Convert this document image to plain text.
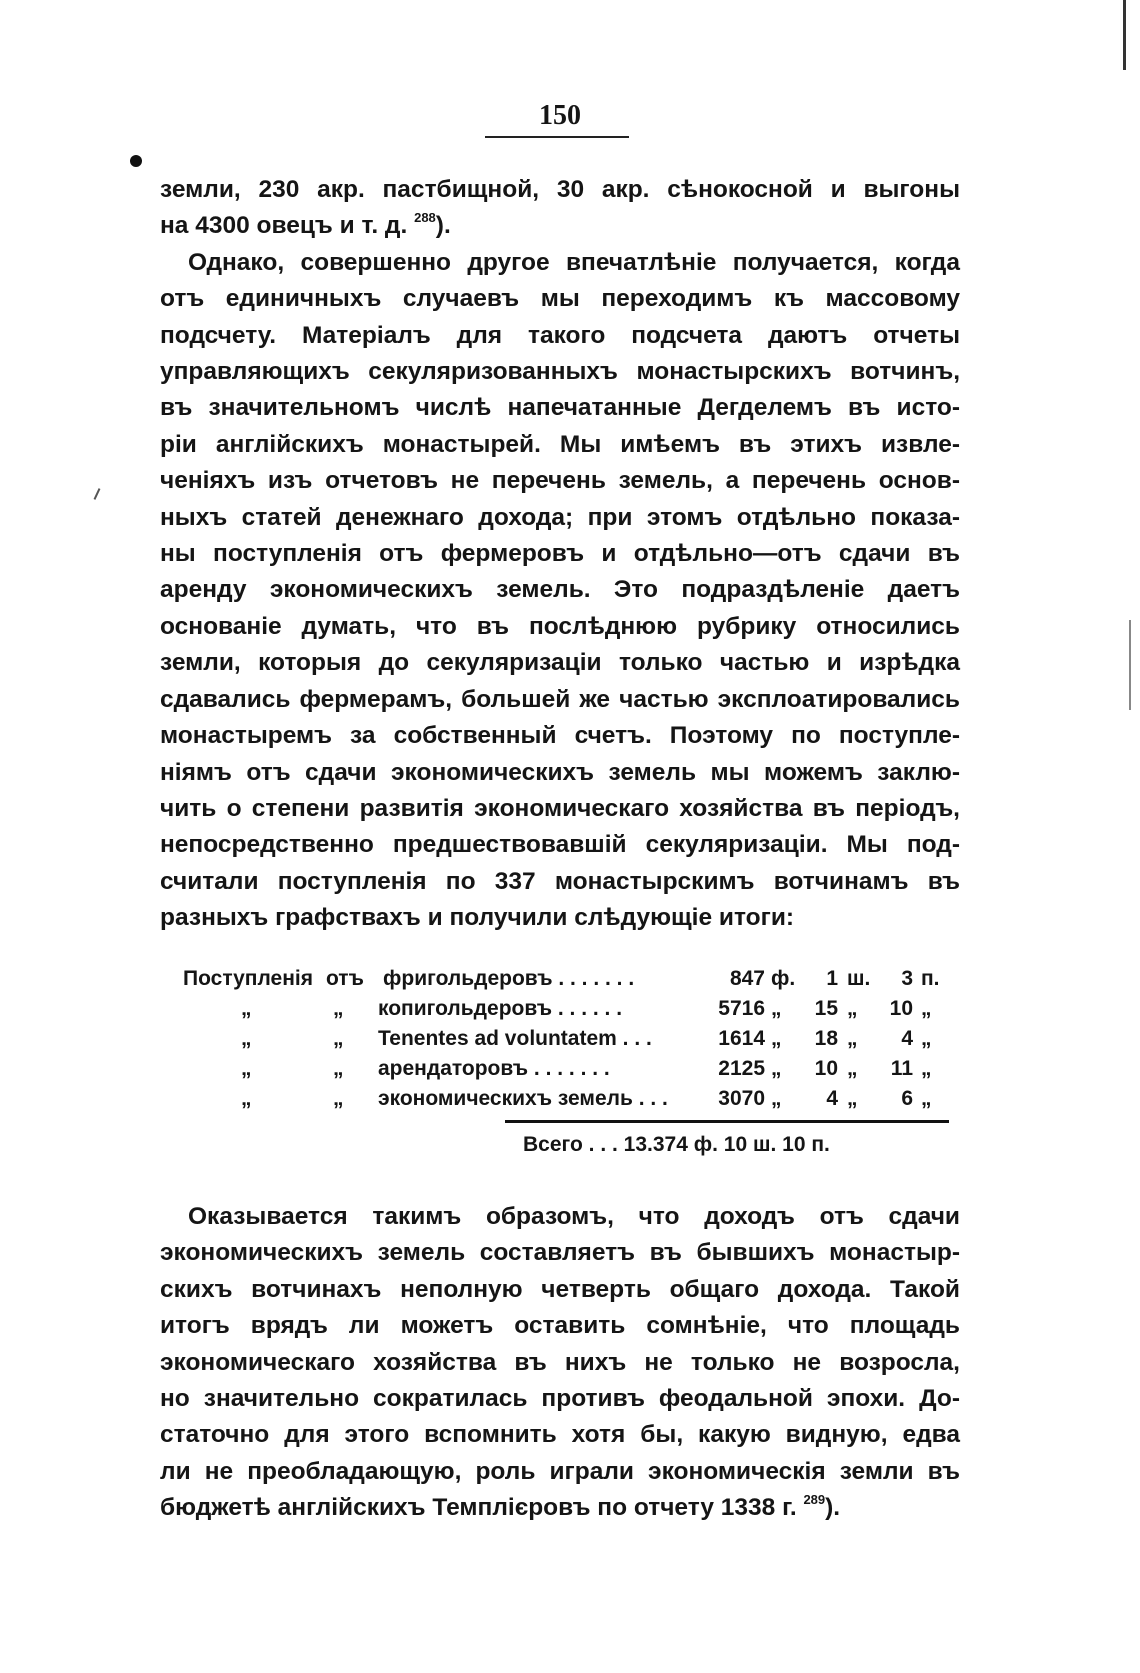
150
земли, 230 акр. пастбищной, 30 акр. сѣнокосной и выгоны
на 4300 овецъ и т. д. $^{288}$).
Однако, совершенно другое впечатлѣніе получается, когда
отъ единичныхъ случаевъ мы переходимъ къ массовому
подсчету. Матеріалъ для такого подсчета даютъ отчеты
управляющихъ секуляризованныхъ монастырскихъ вотчинъ,
въ значительномъ числѣ напечатанные Дегделемъ въ исто-
ріи англійскихъ монастырей. Мы имѣемъ въ этихъ извле-
ченіяхъ изъ отчетовъ не перечень земель, а перечень основ-
ныхъ статей денежнаго дохода; при этомъ отдѣльно показа-
ны поступленія отъ фермеровъ и отдѣльно—отъ сдачи въ
аренду экономическихъ земель. Это подраздѣленіе даетъ
основаніе думать, что въ послѣднюю рубрику относились
земли, которыя до секуляризаціи только частью и изрѣдка
сдавались фермерамъ, большей же частью эксплоатировались
монастыремъ за собственный счетъ. Поэтому по поступле-
ніямъ отъ сдачи экономическихъ земель мы можемъ заклю-
чить о степени развитія экономическаго хозяйства въ періодъ,
непосредственно предшествовавшій секуляризаціи. Мы под-
считали поступленія по 337 монастырскимъ вотчинамъ въ
разныхъ графствахъ и получили слѣдующіе итоги:
Поступленія отъ фригольдеровъ . . . . . . .	847 ф.	1 ш.	3 п.
„	„ копигольдеровъ . . . . . .	5716 „	15 „	10 „
„	„ Tenentes ad voluntatem . . .	1614 „	18 „	4 „
„	„ арендаторовъ . . . . . . .	2125 „	10 „	11 „
„	„ экономическихъ земель . . .	3070 „	4 „	6 „
Всего . . . 13.374 ф. 10 ш. 10 п.
Оказывается такимъ образомъ, что доходъ отъ сдачи
экономическихъ земель составляетъ въ бывшихъ монастыр-
скихъ вотчинахъ неполную четверть общаго дохода. Такой
итогъ врядъ ли можетъ оставить сомнѣніе, что площадь
экономическаго хозяйства въ нихъ не только не возросла,
но значительно сократилась противъ феодальной эпохи. До-
статочно для этого вспомнить хотя бы, какую видную, едва
ли не преобладающую, роль играли экономическія земли въ
бюджетѣ англійскихъ Темплієровъ по отчету 1338 г. $^{289}$).
